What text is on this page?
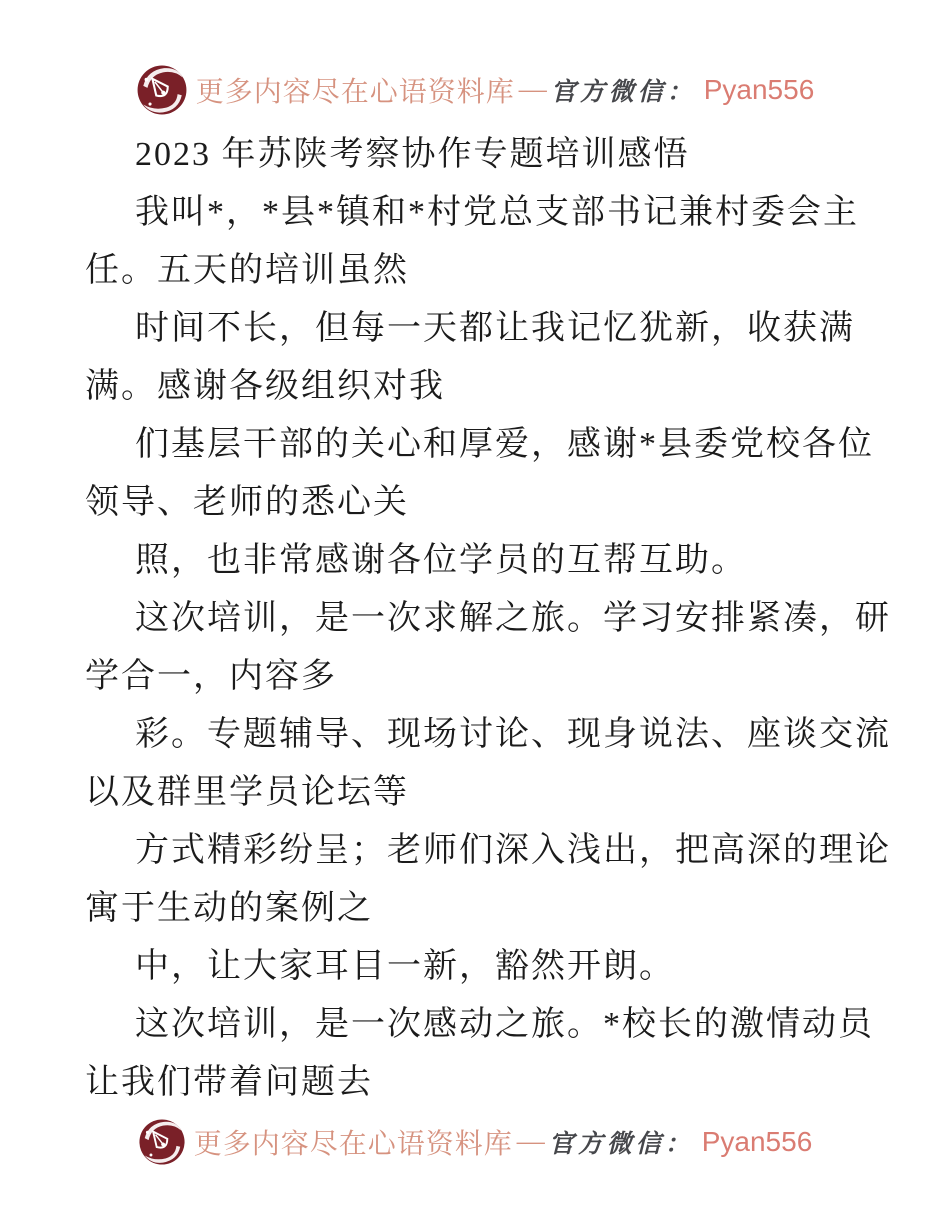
更多内容尽在心语资料库 — 官方微信： Pyan556
2023 年苏陕考察协作专题培训感悟
我叫*，*县*镇和*村党总支部书记兼村委会主
任。五天的培训虽然
时间不长，但每一天都让我记忆犹新，收获满
满。感谢各级组织对我
们基层干部的关心和厚爱，感谢*县委党校各位
领导、老师的悉心关
照，也非常感谢各位学员的互帮互助。
这次培训，是一次求解之旅。学习安排紧凑，研
学合一，内容多
彩。专题辅导、现场讨论、现身说法、座谈交流
以及群里学员论坛等
方式精彩纷呈；老师们深入浅出，把高深的理论
寓于生动的案例之
中，让大家耳目一新，豁然开朗。
这次培训，是一次感动之旅。*校长的激情动员
让我们带着问题去
更多内容尽在心语资料库 — 官方微信： Pyan556
